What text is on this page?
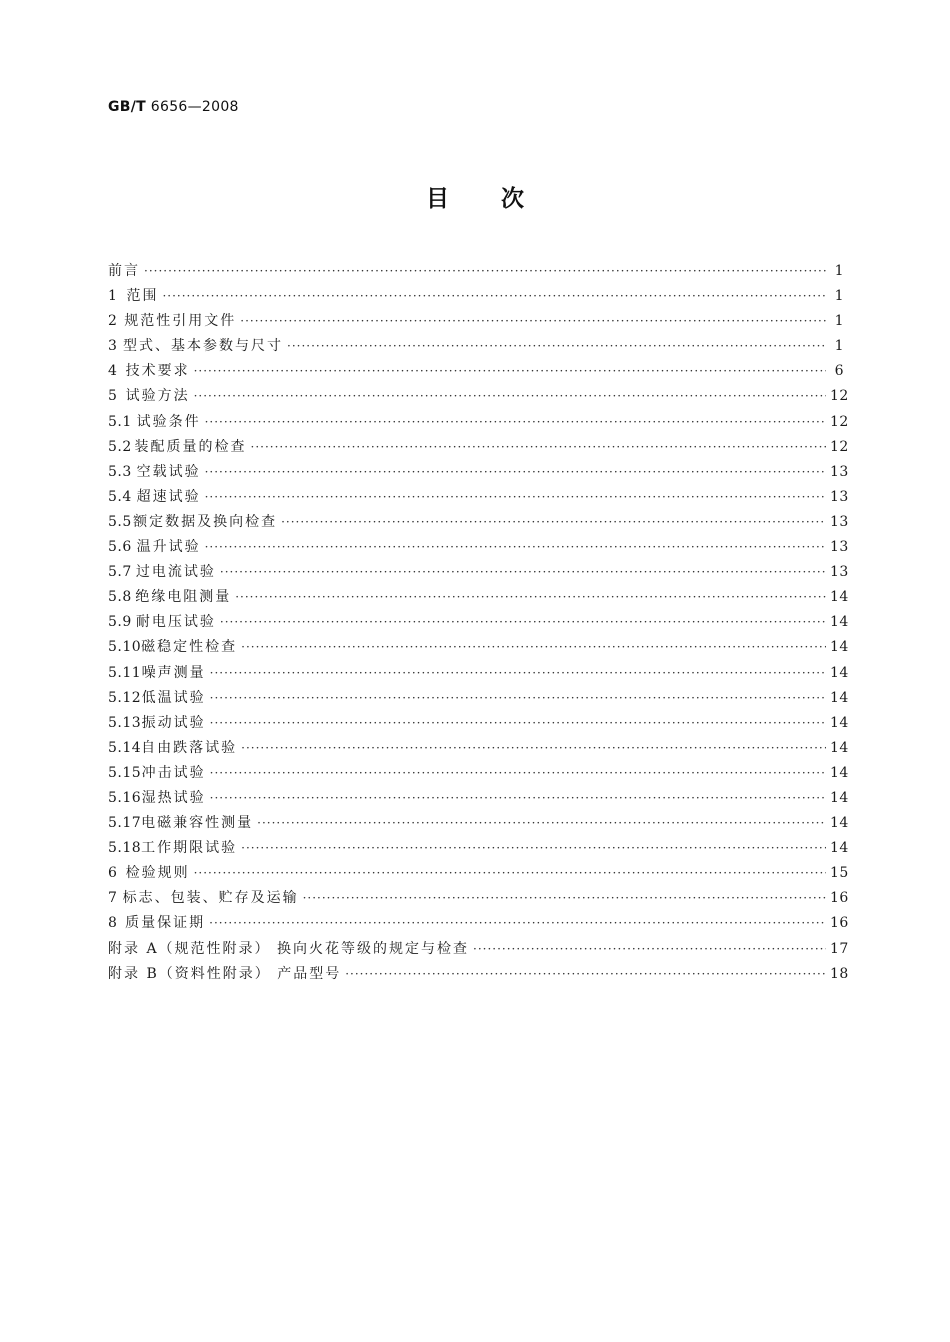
GB/T 6656—2008
目 次
前言 ·····	1
1 范围 ·····	1
2 规范性引用文件 ·····	1
3 型式、基本参数与尺寸 ·····	1
4 技术要求 ·····	6
5 试验方法 ·····	12
5.1 试验条件 ·····	12
5.2 装配质量的检查 ·····	12
5.3 空载试验 ·····	13
5.4 超速试验 ·····	13
5.5 额定数据及换向检查 ·····	13
5.6 温升试验 ·····	13
5.7 过电流试验 ·····	13
5.8 绝缘电阻测量 ·····	14
5.9 耐电压试验 ·····	14
5.10 磁稳定性检查 ·····	14
5.11 噪声测量 ·····	14
5.12 低温试验 ·····	14
5.13 振动试验 ·····	14
5.14 自由跌落试验 ·····	14
5.15 冲击试验 ·····	14
5.16 湿热试验 ·····	14
5.17 电磁兼容性测量 ·····	14
5.18 工作期限试验 ·····	14
6 检验规则 ·····	15
7 标志、包装、贮存及运输 ·····	16
8 质量保证期 ·····	16
附录 A（规范性附录） 换向火花等级的规定与检查 ·····	17
附录 B（资料性附录） 产品型号 ·····	18
